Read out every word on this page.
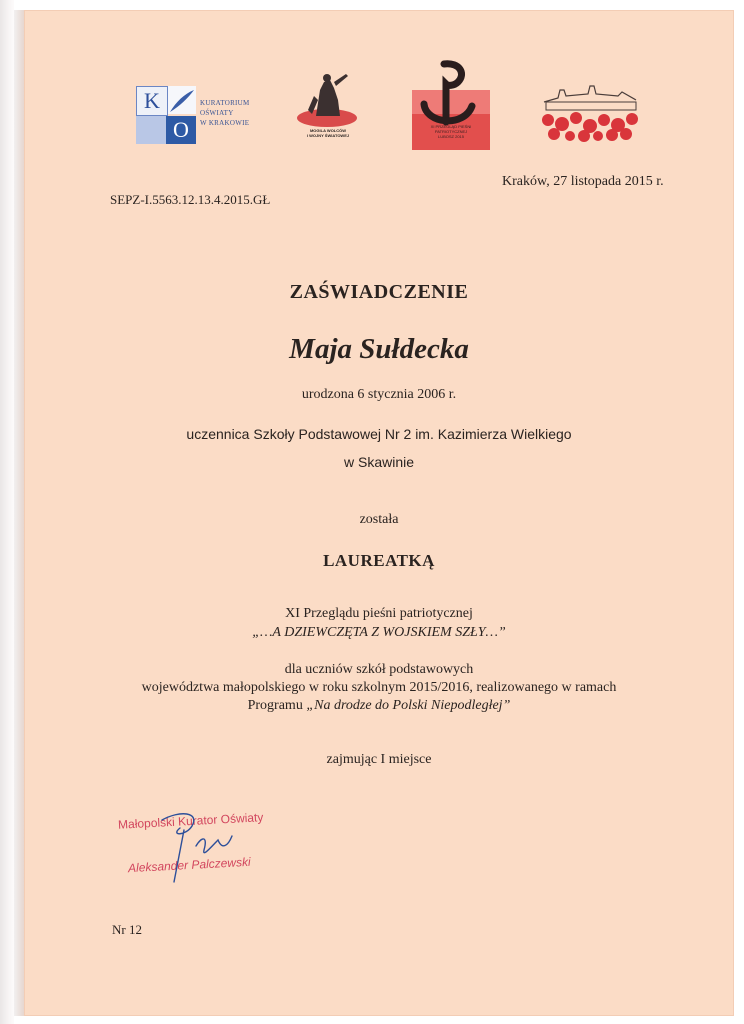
K
O
KURATORIUM
OŚWIATY
W KRAKOWIE
MOGILA WOLCÓW
I WOJNY ŚWIATOWEJ
XI PRZEGLĄD PIEŚNI
PATRIOTYCZNEJ
LUBOSZ 2015
Kraków, 27 listopada 2015 r.
SEPZ-I.5563.12.13.4.2015.GŁ
ZAŚWIADCZENIE
Maja Sułdecka
urodzona 6 stycznia 2006 r.
uczennica Szkoły Podstawowej Nr 2 im. Kazimierza Wielkiego
w Skawinie
została
LAUREATKĄ
XI Przeglądu pieśni patriotycznej
„…A DZIEWCZĘTA Z WOJSKIEM SZŁY…”
dla uczniów szkół podstawowych
województwa małopolskiego w roku szkolnym 2015/2016, realizowanego w ramach
Programu „Na drodze do Polski Niepodległej”
zajmując I miejsce
Małopolski Kurator Oświaty
Aleksander Palczewski
Nr 12
